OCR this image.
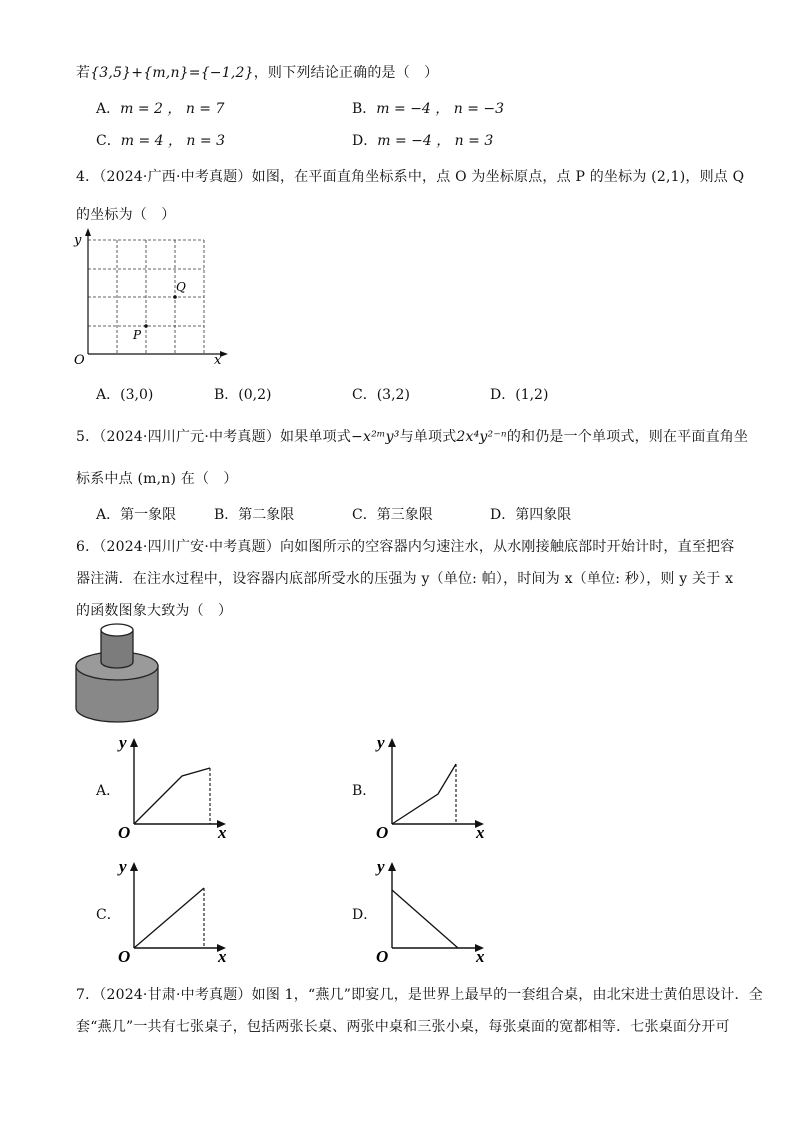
若{3,5}+{m,n}={−1,2}，则下列结论正确的是（　）
A．m = 2 ， n = 7	B．m = −4 ， n = −3
C．m = 4 ， n = 3	D．m = −4 ， n = 3
4．（2024·广西·中考真题）如图，在平面直角坐标系中，点 O 为坐标原点，点 P 的坐标为 (2,1)，则点 Q
的坐标为（　）
y
x
O
P
Q
A．(3,0)	B．(0,2)	C．(3,2)	D．(1,2)
5．（2024·四川广元·中考真题）如果单项式−x²ᵐy³与单项式2x⁴y²⁻ⁿ的和仍是一个单项式，则在平面直角坐
标系中点 (m,n) 在（　）
A．第一象限	B．第二象限	C．第三象限	D．第四象限
6．（2024·四川广安·中考真题）向如图所示的空容器内匀速注水，从水刚接触底部时开始计时，直至把容
器注满．在注水过程中，设容器内底部所受水的压强为 y（单位: 帕），时间为 x（单位: 秒），则 y 关于 x
的函数图象大致为（　）
A．
y
x
O
B．
y
x
O
C．
y
x
O
D．
y
x
O
7．（2024·甘肃·中考真题）如图 1，“燕几”即宴几，是世界上最早的一套组合桌，由北宋进士黄伯思设计．全
套“燕几”一共有七张桌子，包括两张长桌、两张中桌和三张小桌，每张桌面的宽都相等．七张桌面分开可
